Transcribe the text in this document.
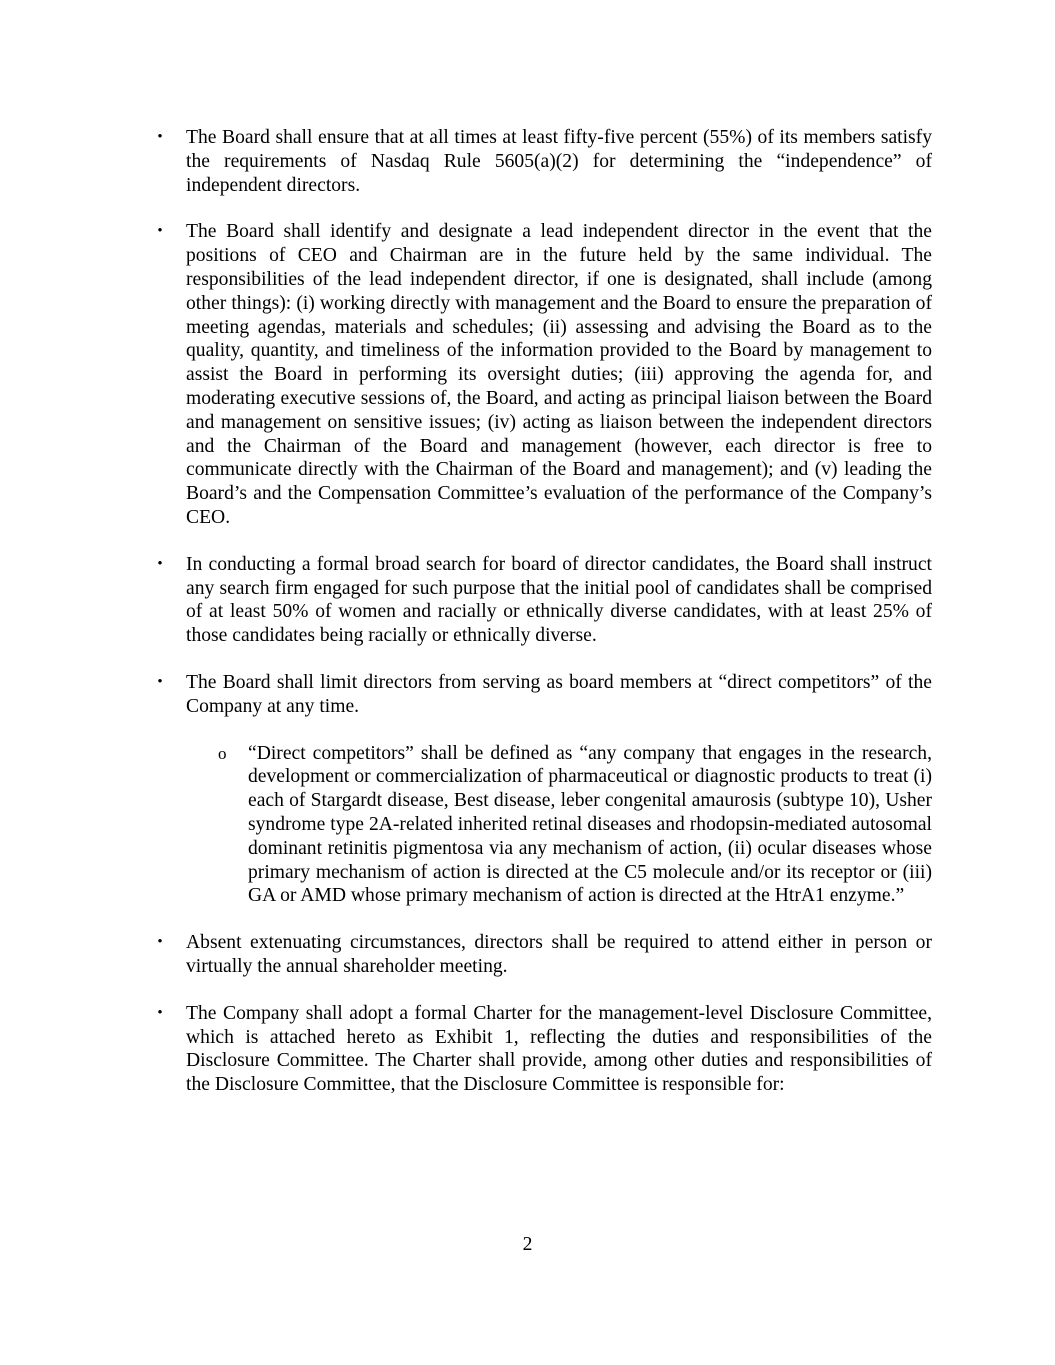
• The Board shall ensure that at all times at least fifty-five percent (55%) of its members satisfy the requirements of Nasdaq Rule 5605(a)(2) for determining the “independence” of independent directors.
• The Board shall identify and designate a lead independent director in the event that the positions of CEO and Chairman are in the future held by the same individual. The responsibilities of the lead independent director, if one is designated, shall include (among other things): (i) working directly with management and the Board to ensure the preparation of meeting agendas, materials and schedules; (ii) assessing and advising the Board as to the quality, quantity, and timeliness of the information provided to the Board by management to assist the Board in performing its oversight duties; (iii) approving the agenda for, and moderating executive sessions of, the Board, and acting as principal liaison between the Board and management on sensitive issues; (iv) acting as liaison between the independent directors and the Chairman of the Board and management (however, each director is free to communicate directly with the Chairman of the Board and management); and (v) leading the Board’s and the Compensation Committee’s evaluation of the performance of the Company’s CEO.
• In conducting a formal broad search for board of director candidates, the Board shall instruct any search firm engaged for such purpose that the initial pool of candidates shall be comprised of at least 50% of women and racially or ethnically diverse candidates, with at least 25% of those candidates being racially or ethnically diverse.
• The Board shall limit directors from serving as board members at “direct competitors” of the Company at any time.
o “Direct competitors” shall be defined as “any company that engages in the research, development or commercialization of pharmaceutical or diagnostic products to treat (i) each of Stargardt disease, Best disease, leber congenital amaurosis (subtype 10), Usher syndrome type 2A-related inherited retinal diseases and rhodopsin-mediated autosomal dominant retinitis pigmentosa via any mechanism of action, (ii) ocular diseases whose primary mechanism of action is directed at the C5 molecule and/or its receptor or (iii) GA or AMD whose primary mechanism of action is directed at the HtrA1 enzyme.”
• Absent extenuating circumstances, directors shall be required to attend either in person or virtually the annual shareholder meeting.
• The Company shall adopt a formal Charter for the management-level Disclosure Committee, which is attached hereto as Exhibit 1, reflecting the duties and responsibilities of the Disclosure Committee. The Charter shall provide, among other duties and responsibilities of the Disclosure Committee, that the Disclosure Committee is responsible for:
2
